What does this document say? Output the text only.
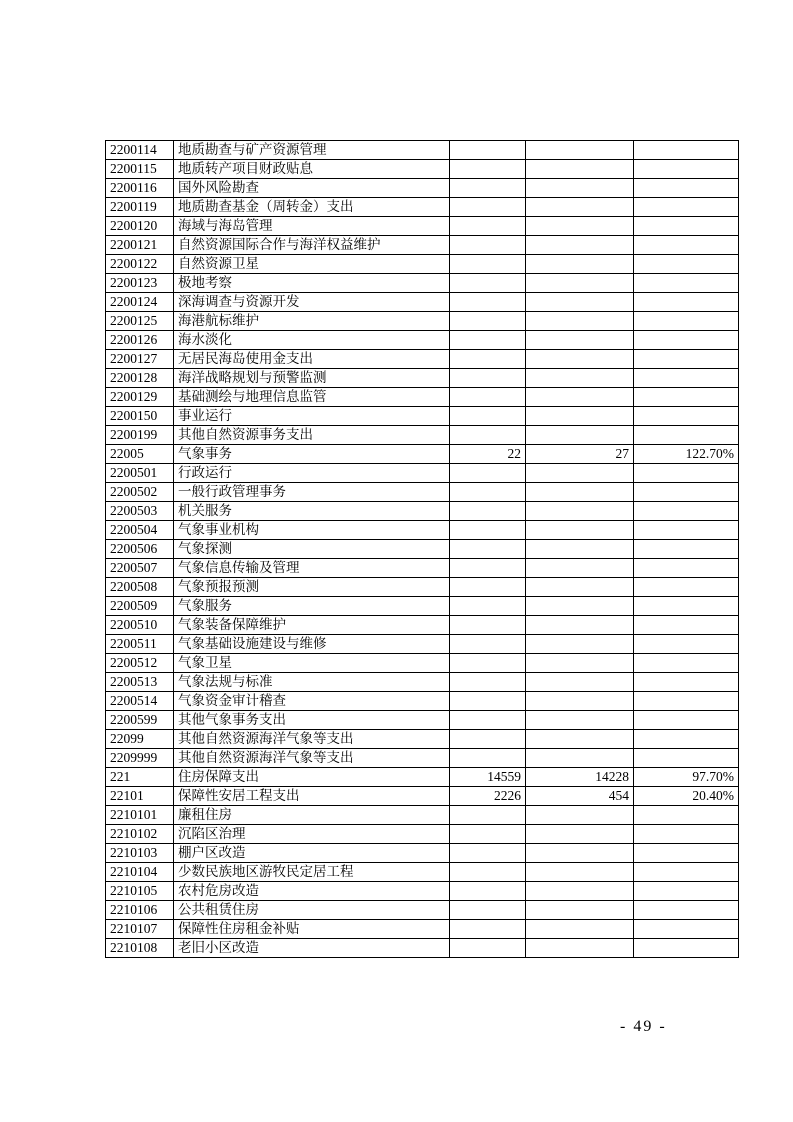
2200114	地质勘查与矿产资源管理			
2200115	地质转产项目财政贴息			
2200116	国外风险勘查			
2200119	地质勘查基金（周转金）支出			
2200120	海域与海岛管理			
2200121	自然资源国际合作与海洋权益维护			
2200122	自然资源卫星			
2200123	极地考察			
2200124	深海调查与资源开发			
2200125	海港航标维护			
2200126	海水淡化			
2200127	无居民海岛使用金支出			
2200128	海洋战略规划与预警监测			
2200129	基础测绘与地理信息监管			
2200150	事业运行			
2200199	其他自然资源事务支出			
22005	气象事务	22	27	122.70%
2200501	行政运行			
2200502	一般行政管理事务			
2200503	机关服务			
2200504	气象事业机构			
2200506	气象探测			
2200507	气象信息传输及管理			
2200508	气象预报预测			
2200509	气象服务			
2200510	气象装备保障维护			
2200511	气象基础设施建设与维修			
2200512	气象卫星			
2200513	气象法规与标准			
2200514	气象资金审计稽查			
2200599	其他气象事务支出			
22099	其他自然资源海洋气象等支出			
2209999	其他自然资源海洋气象等支出			
221	住房保障支出	14559	14228	97.70%
22101	保障性安居工程支出	2226	454	20.40%
2210101	廉租住房			
2210102	沉陷区治理			
2210103	棚户区改造			
2210104	少数民族地区游牧民定居工程			
2210105	农村危房改造			
2210106	公共租赁住房			
2210107	保障性住房租金补贴			
2210108	老旧小区改造			
- 49 -
